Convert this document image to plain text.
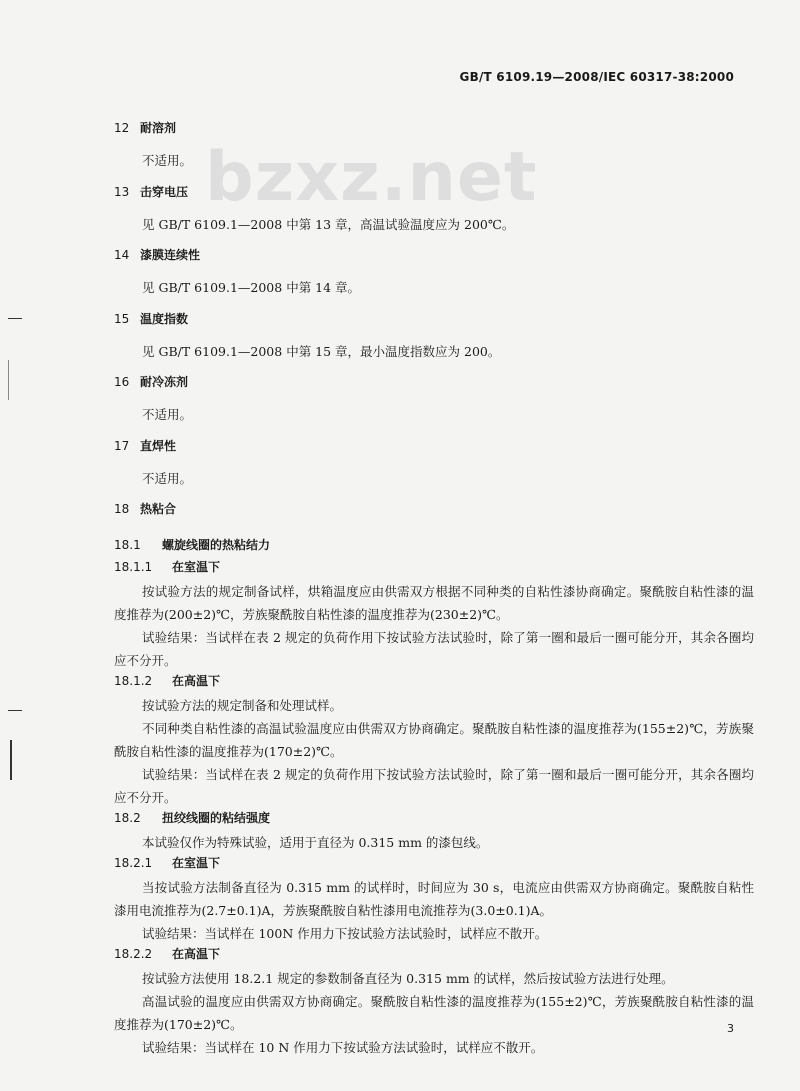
GB/T 6109.19—2008/IEC 60317-38:2000
bzxz.net
12 耐溶剂

不适用。

13 击穿电压

见 GB/T 6109.1—2008 中第 13 章，高温试验温度应为 200℃。

14 漆膜连续性

见 GB/T 6109.1—2008 中第 14 章。

15 温度指数

见 GB/T 6109.1—2008 中第 15 章，最小温度指数应为 200。

16 耐冷冻剂

不适用。

17 直焊性

不适用。

18 热粘合
18.1	螺旋线圈的热粘结力
18.1.1	在室温下

按试验方法的规定制备试样，烘箱温度应由供需双方根据不同种类的自粘性漆协商确定。聚酰胺自粘性漆的温度推荐为(200±2)℃，芳族聚酰胺自粘性漆的温度推荐为(230±2)℃。

试验结果：当试样在表 2 规定的负荷作用下按试验方法试验时，除了第一圈和最后一圈可能分开，其余各圈均应不分开。

18.1.2	在高温下

按试验方法的规定制备和处理试样。

不同种类自粘性漆的高温试验温度应由供需双方协商确定。聚酰胺自粘性漆的温度推荐为(155±2)℃，芳族聚酰胺自粘性漆的温度推荐为(170±2)℃。

试验结果：当试样在表 2 规定的负荷作用下按试验方法试验时，除了第一圈和最后一圈可能分开，其余各圈均应不分开。

18.2	扭绞线圈的粘结强度

本试验仅作为特殊试验，适用于直径为 0.315 mm 的漆包线。

18.2.1	在室温下

当按试验方法制备直径为 0.315 mm 的试样时，时间应为 30 s，电流应由供需双方协商确定。聚酰胺自粘性漆用电流推荐为(2.7±0.1)A，芳族聚酰胺自粘性漆用电流推荐为(3.0±0.1)A。

试验结果：当试样在 100N 作用力下按试验方法试验时，试样应不散开。

18.2.2	在高温下

按试验方法使用 18.2.1 规定的参数制备直径为 0.315 mm 的试样，然后按试验方法进行处理。

高温试验的温度应由供需双方协商确定。聚酰胺自粘性漆的温度推荐为(155±2)℃，芳族聚酰胺自粘性漆的温度推荐为(170±2)℃。

试验结果：当试样在 10 N 作用力下按试验方法试验时，试样应不散开。

3
